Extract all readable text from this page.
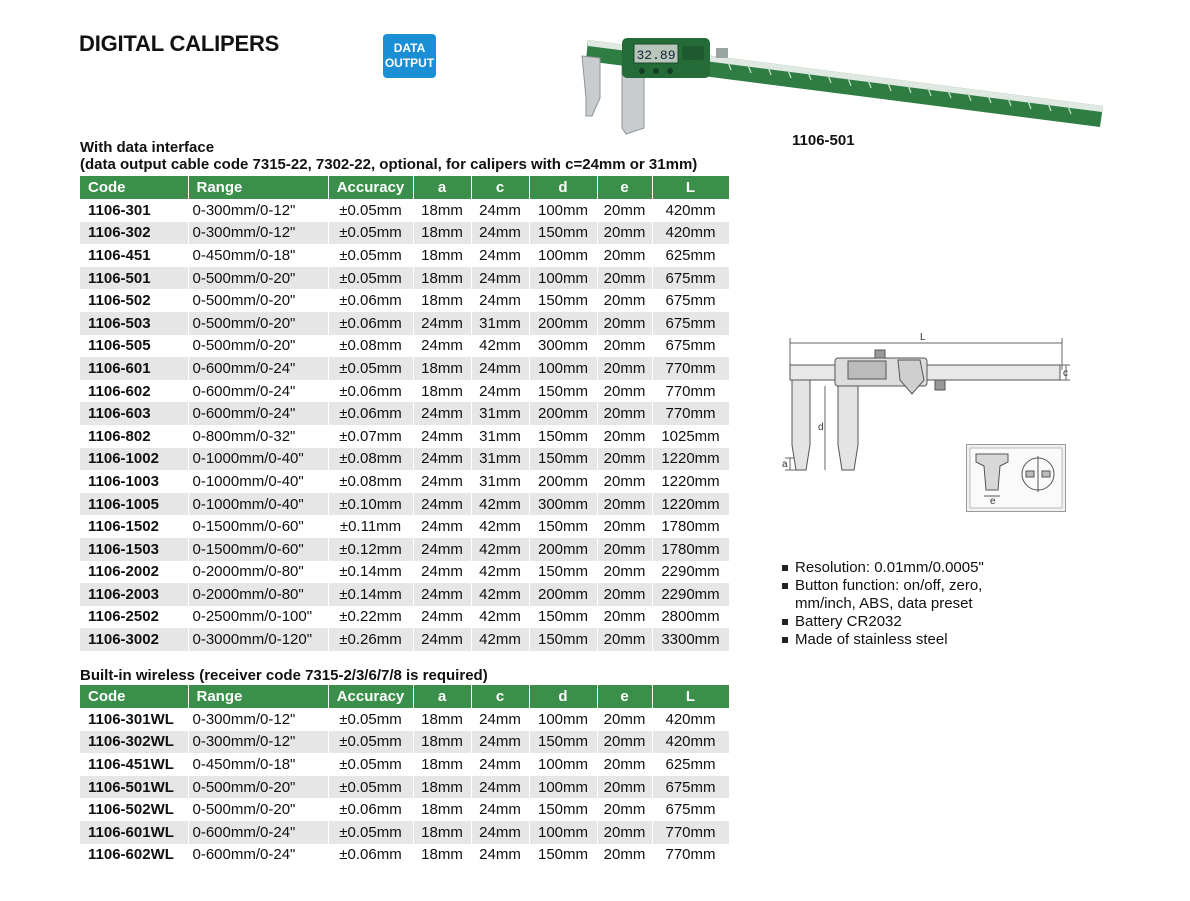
DIGITAL CALIPERS	DATA
OUTPUT	32.89
1106-501
With data interface
(data output cable code 7315-22, 7302-22, optional, for calipers with c=24mm or 31mm)
Code	Range	Accuracy	a	c	d	e	L
1106-301	0-300mm/0-12"	±0.05mm	18mm	24mm	100mm	20mm	420mm
1106-302	0-300mm/0-12"	±0.05mm	18mm	24mm	150mm	20mm	420mm
1106-451	0-450mm/0-18"	±0.05mm	18mm	24mm	100mm	20mm	625mm
1106-501	0-500mm/0-20"	±0.05mm	18mm	24mm	100mm	20mm	675mm
1106-502	0-500mm/0-20"	±0.06mm	18mm	24mm	150mm	20mm	675mm
1106-503	0-500mm/0-20"	±0.06mm	24mm	31mm	200mm	20mm	675mm
1106-505	0-500mm/0-20"	±0.08mm	24mm	42mm	300mm	20mm	675mm
1106-601	0-600mm/0-24"	±0.05mm	18mm	24mm	100mm	20mm	770mm
1106-602	0-600mm/0-24"	±0.06mm	18mm	24mm	150mm	20mm	770mm
1106-603	0-600mm/0-24"	±0.06mm	24mm	31mm	200mm	20mm	770mm
1106-802	0-800mm/0-32"	±0.07mm	24mm	31mm	150mm	20mm	1025mm
1106-1002	0-1000mm/0-40"	±0.08mm	24mm	31mm	150mm	20mm	1220mm
1106-1003	0-1000mm/0-40"	±0.08mm	24mm	31mm	200mm	20mm	1220mm
1106-1005	0-1000mm/0-40"	±0.10mm	24mm	42mm	300mm	20mm	1220mm
1106-1502	0-1500mm/0-60"	±0.11mm	24mm	42mm	150mm	20mm	1780mm
1106-1503	0-1500mm/0-60"	±0.12mm	24mm	42mm	200mm	20mm	1780mm
1106-2002	0-2000mm/0-80"	±0.14mm	24mm	42mm	150mm	20mm	2290mm
1106-2003	0-2000mm/0-80"	±0.14mm	24mm	42mm	200mm	20mm	2290mm
1106-2502	0-2500mm/0-100"	±0.22mm	24mm	42mm	150mm	20mm	2800mm
1106-3002	0-3000mm/0-120"	±0.26mm	24mm	42mm	150mm	20mm	3300mm
Built-in wireless (receiver code 7315-2/3/6/7/8 is required)
Code	Range	Accuracy	a	c	d	e	L
1106-301WL	0-300mm/0-12"	±0.05mm	18mm	24mm	100mm	20mm	420mm
1106-302WL	0-300mm/0-12"	±0.05mm	18mm	24mm	150mm	20mm	420mm
1106-451WL	0-450mm/0-18"	±0.05mm	18mm	24mm	100mm	20mm	625mm
1106-501WL	0-500mm/0-20"	±0.05mm	18mm	24mm	100mm	20mm	675mm
1106-502WL	0-500mm/0-20"	±0.06mm	18mm	24mm	150mm	20mm	675mm
1106-601WL	0-600mm/0-24"	±0.05mm	18mm	24mm	100mm	20mm	770mm
1106-602WL	0-600mm/0-24"	±0.06mm	18mm	24mm	150mm	20mm	770mm
L
c
d
a
e
Resolution: 0.01mm/0.0005"
Button function: on/off, zero,
mm/inch, ABS, data preset
Battery CR2032
Made of stainless steel
